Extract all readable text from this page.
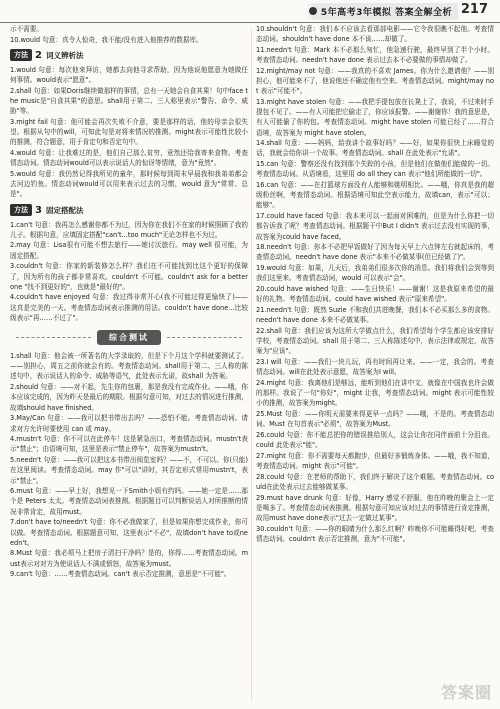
5年高考3年模拟 答案全解全析 217

示不需要。

10.would 句意：真令人惊奇，我不能/没有进入他推荐的数据库。

方法 2 词义辨析法

1.would 句意：每次他来拜访，她都去向他寻求帮助，因为他说他愿意为她做任何事情。would表示"愿意"。

2.shall 句意：如果Doris继续做那样的事情，总有一天她会自食其果！句中face the music是"自食其果"的意思。shall用于第二、三人称里表示"警告、命令、威胁"等。

3.might fail 句意：他可能会再次失败不介意，要是那样的话，他的母亲会很失望。根据从句中的will，可知此句是对将来情况的推测。might表示可能性比较小的推测，符合题意，用于肯定句和否定句中。

4.would 句意：让我难过的是，他们自己那么贫穷，竟然还给我寄来食物。考查情态动词。情态动词would可以表示说话人的惊讶等情绪，意为"竟然"。

5.would 句意：我仍然记得我所见的童年，那时候每到周末早晨我和我弟弟都会去河边钓鱼。情态动词would可以用来表示过去的习惯，would 意为"常常、总是"。

方法 3 固定搭配法

1.can't 句意：我再怎么感谢你都不为过，因为你在我们不在家的时候照顾了我的儿子。根据句意，应填固定搭配"can't...too much"无论怎样也不为过。

2.may 句意：Lisa很有可能不想去旅行——她讨厌旅行。may well 很可能，为固定搭配。

3.couldn't 句意：你家的新装修怎么样？我们在不可能找到比这个更好的保障了，因为所有的孩子都非常喜欢。couldn't 不可能。couldn't ask for a better one "找不到更好的"，也就是"最好的"。

4.couldn't have enjoyed 句意：我过得非常开心(我不可能过得更愉快了)——这真是完美的一天。考查情态动词表示推测的用法。couldn't have done...比较级表示"再……不过了"。

综合测试

1.shall 句意：他会被一所著名的大学录取的，但是下个月这个学科就要测试了。——别担心，周五之前你就会有的。考查情态动词。shall用于第二、三人称的陈述句中，表示说话人的命令、威胁等语气，此处表示允诺，故shall 为答案。

2.should 句意：——对不起，先生你的包裹，那是我没有完成作业。——哦，你本应该完成的，因为昨天是最后的期限。根据句意可知，对过去的情况进行推测，故填should have finished。

3.May/Can 句意：——我可以把书带出去吗？——恐怕不能。考查情态动词。请求对方允许时要使用 can 或 may。

4.mustn't 句意：你不可以在此停车！这是紧急出口，考查情态动词。mustn't表示"禁止"；由语境可知，这里是表示"禁止停车"，故答案为mustn't。

5.needn't 句意：——我可以把这本书带出阅览室吗？——不，不可以。你(只能)在这里阅读。考查情态动词。may 作"可以"讲时，其否定形式常用mustn't，表示"禁止"。

6.must 句意：——早上好，我想见一下Smith小姐有约吗。——她一定是……那个是 Peters 太太。考查情态动词表推测。根据题目可以判断说话人对所推断的情况非常肯定，故用must。

7.don't have to/needn't 句意：你不必我做家了，但是如果你想完成作业，你可以做。考查情态动词。根据题意可知，这里表示"不必"，故填don't have to或needn't。

8.Must 句意：我必须马上把房子清扫干净吗？是的，你得……考查情态动词。must表示对对方为使说话人不满或愤怒，故答案为must。

9.can't 句意：……考查情态动词。can't 表示否定推测，意思是"不可能"。

10.shouldn't 句意：我们本不应该去看那部电影——它令我很瞧不起他。考查情态动词。shouldn't have done 本不该……却做了。

11.needn't 句意：Mark 本不必那么匆忙，他急速行驶，最终早到了半个小时。考查情态动词。needn't have done 表示过去本不必要做的事情却做了。

12.might/may not 句意：——我真的不喜欢 James。你为什么邀请他？——别担心，他可能来不了，他说他还不确定他有空来。考查情态动词。might/may not 表示"可能不"。

13.might have stolen 句意：——我把手提包放在长凳上了，我说，不过来时手提包不见了。——有人可能把它偷走了，你应该报警。——谢谢你！我的意思是，有人可能偷了你的包。考查情态动词。might have stolen 可能已经了……符合语境，故答案为 might have stolen。

14.shall 句意：——妈妈，給我讲个故事好吗？——好，如果你很快上床睡觉的话，我就会给你讲一个故事。考查情态动词。shall 在此处表示"允诺"。

15.can 句意：警察还没有找到那个失踪的小孩，但是他们在做他们能做的一切。考查情态动词。从语境看，这里用 do all they can 表示"他们所能做的一切"。

16.can 句意：——在打篮球方面没有人能够和姚明相比。——哦，你真是我的超级粉丝啊，考查情态动词。根据语境可知此空表示能力，故填can，表示"可以；能够"。

17.could have faced 句意：我本来可以一起面对困难的，但是为什么你把一切都告诉我了呢？考查情态动词。根据题干中But I didn't 表示过去没有实现的事，故答案为could have faced。

18.needn't 句意：你本不必把早饭做好了因为每天早上六点钟左右就起床的，考查情态动词。needn't have done 表示"本来不必做某事(但已经做了)"。

19.would 句意：如果，儿天后，我弟弟们很多次你的消息。我们将我们会到等到我们这里来。考查情态动词，would 可以表示"会"。

20.could have wished 句意：——生日快乐！——谢谢！这是我原来希望的最好的礼物。考查情态动词。could have wished 表示"原来希望"。

21.needn't 句意：既然 Suzie 不和我们共进晚餐，我们本不必买那么多的食物。needn't have done 本来不必做某事。

22.shall 句意：我们应该为这所大学做点什么，我们希望每个学生都应该安排好学校，考查情态动词。shall 用于第二、三人称陈述句中，表示法律或规定，故答案为"应该"。

23.I will 句意：——我们一块儿玩，再有时间再让来。——一定，我会的。考查情态动词。will在此处表示意愿，故答案为I will。

24.might 句意：我离他们是够远，能听到他们在讲中文，就像在中国我也许会做的那样。我说了一句"你好"，might 让我，考查情态动词。might 表示可能性较小的推测，故答案为might。

25.Must 句意：——你明天需要来得更早一点吗？——哦，不是的。考查情态动词。Must 在句首表示"必须"，故答案为Must。

26.could 句意：你不能总把你的错误推给别人，这会让你在同伴面前十分沮丧。could 此处表示"能"。

27.might 句意：你不需要每天都跑步，但最好多锻炼身体。——哦，我不知道，考查情态动词。might 表示"可能"。

28.could 句意：在老师的帮助下，我们终于解决了这个难题。考查情态动词。could在此处表示过去能够做某事。

29.must have drunk 句意：好像，Harry 感觉不舒服，他在昨晚的聚会上一定是喝多了。考查情态动词表推测。根据句意可知应该对过去的事情进行肯定推测，故用must have done表示"过去一定做过某事"。

30.couldn't 句意：——你的眼睛为什么那么红啊？昨晚你不可能睡得好吧，考查情态动词。couldn't 表示否定推测，意为"不可能"。

答案圈
